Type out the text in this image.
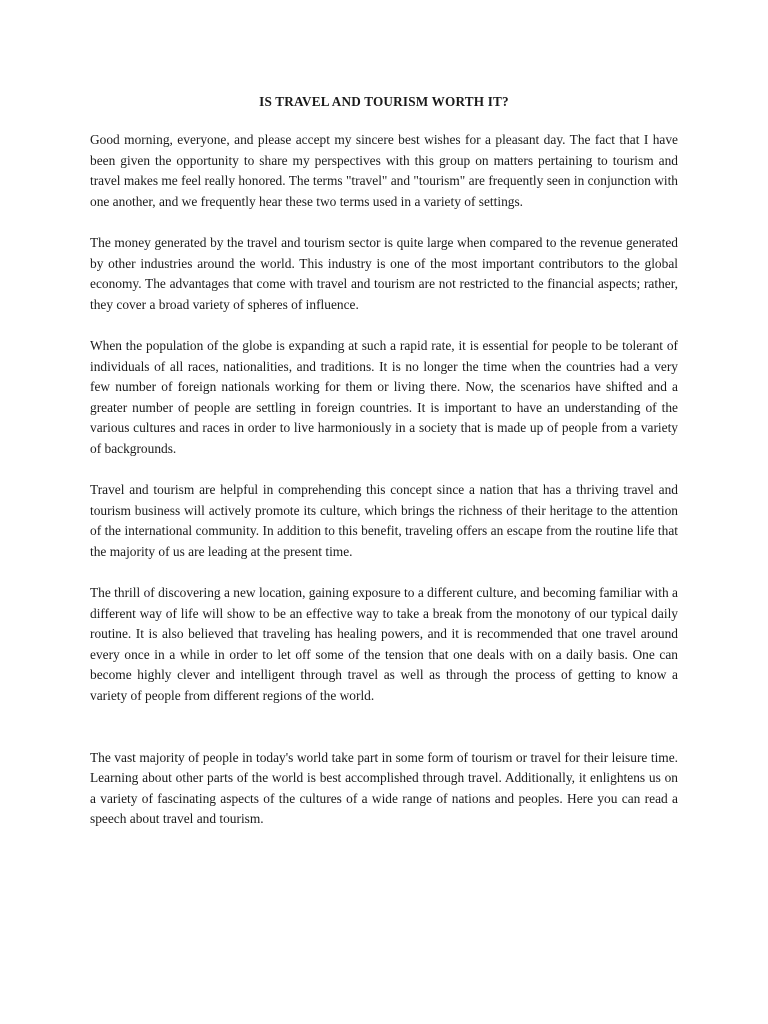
IS TRAVEL AND TOURISM WORTH IT?

Good morning, everyone, and please accept my sincere best wishes for a pleasant day. The fact that I have been given the opportunity to share my perspectives with this group on matters pertaining to tourism and travel makes me feel really honored. The terms "travel" and "tourism" are frequently seen in conjunction with one another, and we frequently hear these two terms used in a variety of settings.

The money generated by the travel and tourism sector is quite large when compared to the revenue generated by other industries around the world. This industry is one of the most important contributors to the global economy. The advantages that come with travel and tourism are not restricted to the financial aspects; rather, they cover a broad variety of spheres of influence.

When the population of the globe is expanding at such a rapid rate, it is essential for people to be tolerant of individuals of all races, nationalities, and traditions. It is no longer the time when the countries had a very few number of foreign nationals working for them or living there. Now, the scenarios have shifted and a greater number of people are settling in foreign countries. It is important to have an understanding of the various cultures and races in order to live harmoniously in a society that is made up of people from a variety of backgrounds.

Travel and tourism are helpful in comprehending this concept since a nation that has a thriving travel and tourism business will actively promote its culture, which brings the richness of their heritage to the attention of the international community. In addition to this benefit, traveling offers an escape from the routine life that the majority of us are leading at the present time.

The thrill of discovering a new location, gaining exposure to a different culture, and becoming familiar with a different way of life will show to be an effective way to take a break from the monotony of our typical daily routine. It is also believed that traveling has healing powers, and it is recommended that one travel around every once in a while in order to let off some of the tension that one deals with on a daily basis. One can become highly clever and intelligent through travel as well as through the process of getting to know a variety of people from different regions of the world.

The vast majority of people in today's world take part in some form of tourism or travel for their leisure time. Learning about other parts of the world is best accomplished through travel. Additionally, it enlightens us on a variety of fascinating aspects of the cultures of a wide range of nations and peoples. Here you can read a speech about travel and tourism.
